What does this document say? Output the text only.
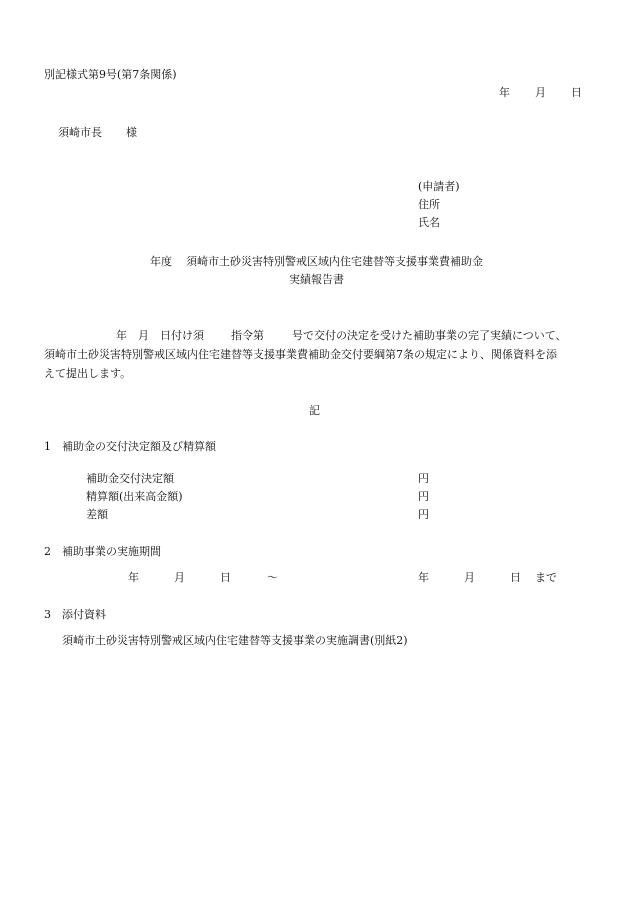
別記様式第9号(第7条関係)
年 月 日
須崎市長 様
(申請者)
住所
氏名
年度 須崎市土砂災害特別警戒区域内住宅建替等支援事業費補助金
実績報告書
年 月 日付け須 指令第	号で交付の決定を受けた補助事業の完了実績について、
須崎市土砂災害特別警戒区域内住宅建替等支援事業費補助金交付要綱第7条の規定により、関係資料を添
えて提出します。
記
1 補助金の交付決定額及び精算額
補助金交付決定額	円
精算額(出来高金額)	円
差額	円
2 補助事業の実施期間
年	月	日	〜	年	月	日 まで
3 添付資料
須崎市土砂災害特別警戒区域内住宅建替等支援事業の実施調書(別紙2)
